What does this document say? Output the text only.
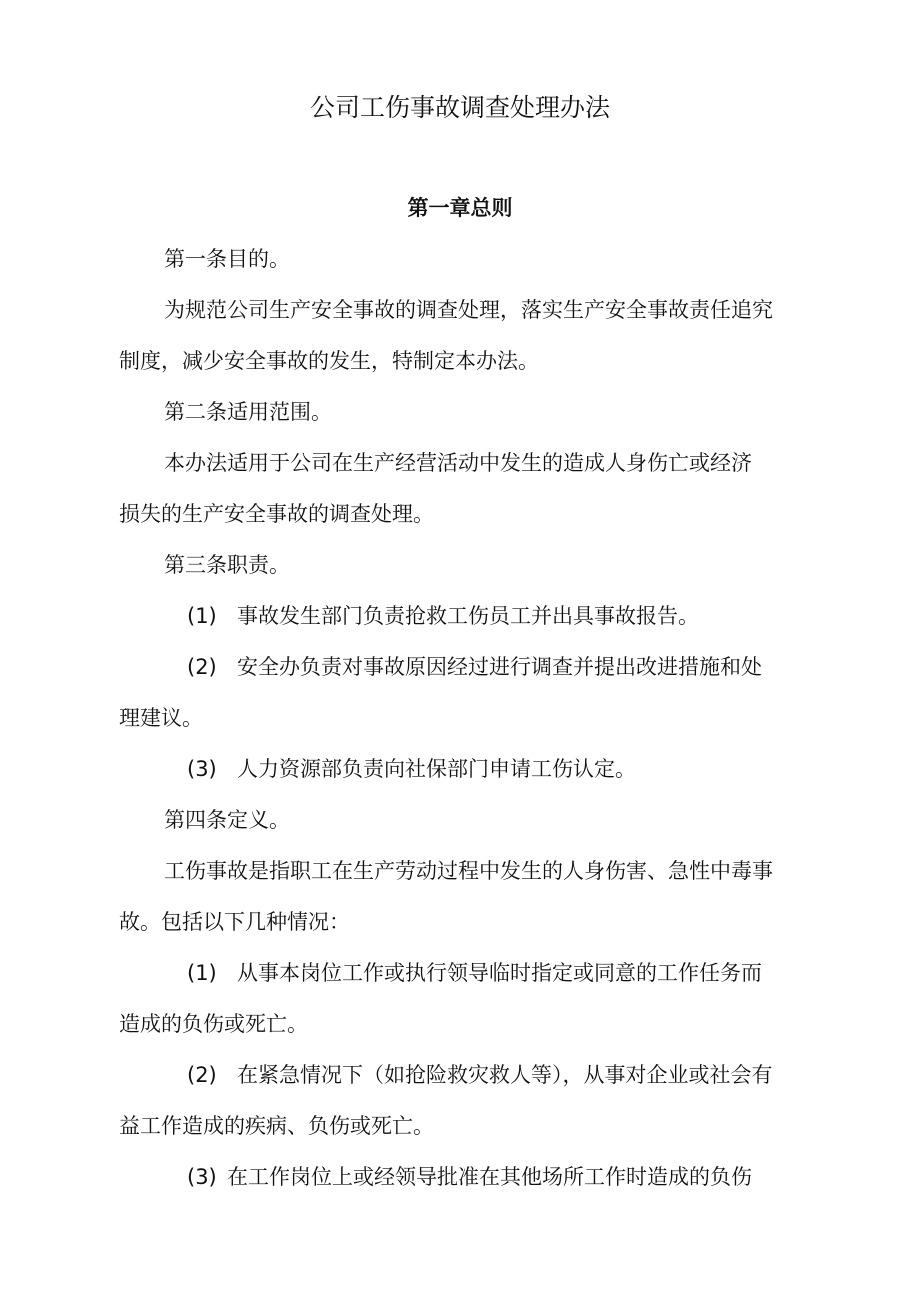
公司工伤事故调查处理办法
第一章总则
第一条目的。
为规范公司生产安全事故的调查处理，落实生产安全事故责任追究
制度，减少安全事故的发生，特制定本办法。
第二条适用范围。
本办法适用于公司在生产经营活动中发生的造成人身伤亡或经济
损失的生产安全事故的调查处理。
第三条职责。
(1) 事故发生部门负责抢救工伤员工并出具事故报告。
(2) 安全办负责对事故原因经过进行调查并提出改进措施和处
理建议。
(3) 人力资源部负责向社保部门申请工伤认定。
第四条定义。
工伤事故是指职工在生产劳动过程中发生的人身伤害、急性中毒事
故。包括以下几种情况：
(1) 从事本岗位工作或执行领导临时指定或同意的工作任务而
造成的负伤或死亡。
(2) 在紧急情况下（如抢险救灾救人等），从事对企业或社会有
益工作造成的疾病、负伤或死亡。
(3) 在工作岗位上或经领导批准在其他场所工作时造成的负伤
